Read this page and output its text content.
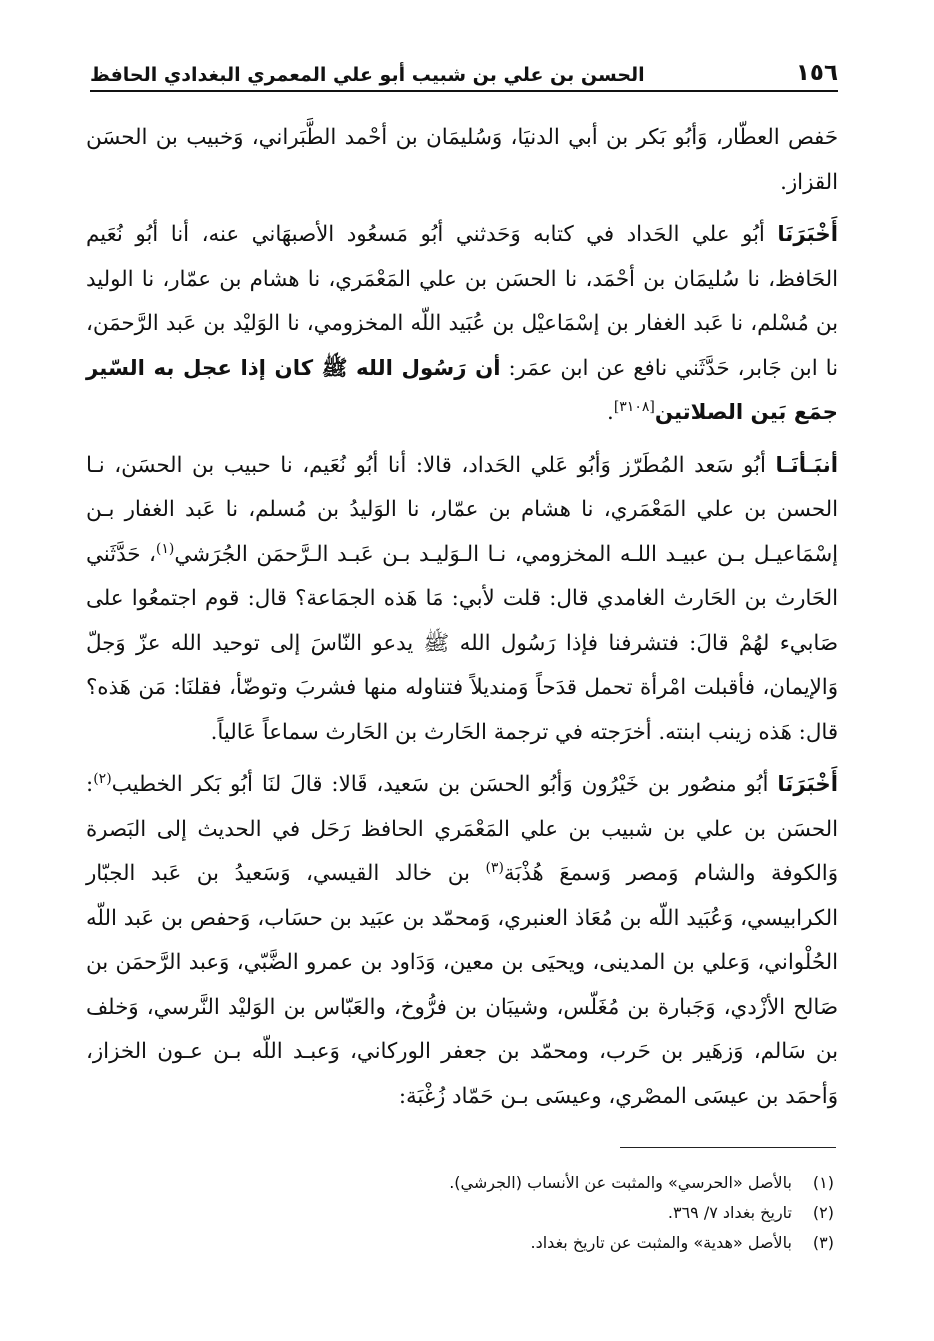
١٥٦
الحسن بن علي بن شبيب أبو علي المعمري البغدادي الحافظ

حَفص العطّار، وَأبُو بَكر بن أبي الدنيَا، وَسُليمَان بن أحْمد الطَّبَراني، وَخبيب بن الحسَن القزاز.

أَخْبَرَنَا أبُو علي الحَداد في كتابه وَحَدثني أبُو مَسعُود الأصبهَاني عنه، أنا أبُو نُعَيم الحَافظ، نا سُليمَان بن أحْمَد، نا الحسَن بن علي المَعْمَري، نا هشام بن عمّار، نا الوليد بن مُسْلم، نا عَبد الغفار بن إسْمَاعيْل بن عُبَيد اللّه المخزومي، نا الوَليْد بن عَبد الرَّحمَن، نا ابن جَابر، حَدَّثَني نافع عن ابن عمَر: أن رَسُول الله ﷺ كان إذا عجل به السّير جمَع بَين الصلاتين[٣١٠٨].

أنبَـأنَـا أبُو سَعد المُطَرّز وَأبُو عَلي الحَداد، قالا: أنا أبُو نُعَيم، نا حبيب بن الحسَن، نـا الحسن بن علي المَعْمَري، نا هشام بن عمّار، نا الوَليدُ بن مُسلم، نا عَبد الغفار بـن إسْمَاعيـل بـن عبيـد اللـه المخزومي، نـا الـوَليـد بـن عَبـد الـرَّحمَن الجُرَشي$^{(١)}$، حَدَّثَني الحَارث بن الحَارث الغامدي قال: قلت لأبي: مَا هَذه الجمَاعة؟ قال: قوم اجتمعُوا على صَابيء لهُمْ قالَ: فتشرفنا فإذا رَسُول الله ﷺ يدعو النّاسَ إلى توحيد الله عزّ وَجلّ وَالإيمان، فأقبلت امْرأة تحمل قدَحاً وَمنديلاً فتناوله منها فشربَ وتوضّأ، فقلنَا: مَن هَذه؟ قال: هَذه زينب ابنته. أخرَجته في ترجمة الحَارث بن الحَارث سماعاً عَالياً.

أَخْبَرَنَا أبُو منصُور بن خَيْرُون وَأبُو الحسَن بن سَعيد، قَالا: قالَ لنَا أبُو بَكر الخطيب$^{(٢)}$: الحسَن بن علي بن شبيب بن علي المَعْمَري الحافظ رَحَل في الحديث إلى البَصرة وَالكوفة والشام وَمصر وَسمعَ هُذْبَة$^{(٣)}$ بن خالد القيسي، وَسَعيدُ بن عَبد الجبّار الكرابيسي، وَعُبَيد اللّه بن مُعَاذ العنبري، وَمحمّد بن عبَيد بن حسَاب، وَحفص بن عَبد اللّه الحُلْواني، وَعلي بن المدينى، ويحيَى بن معين، وَدَاود بن عمرو الضَّبّي، وَعبد الرَّحمَن بن صَالح الأزْدي، وَجَبارة بن مُغَلّس، وشيبَان بن فرُّوخ، والعَبّاس بن الوَليْد النَّرسي، وَخلف بن سَالم، وَزهَير بن حَرب، ومحمّد بن جعفر الوركاني، وَعبـد اللّه بـن عـون الخزاز، وَأحمَد بن عيسَى المصْري، وعيسَى بـن حَمّاد زُغْبَة:

(١)
بالأصل «الحرسي» والمثبت عن الأنساب (الجرشي).
(٢)
تاريخ بغداد ٧/ ٣٦٩.
(٣)
بالأصل «هدية» والمثبت عن تاريخ بغداد.
